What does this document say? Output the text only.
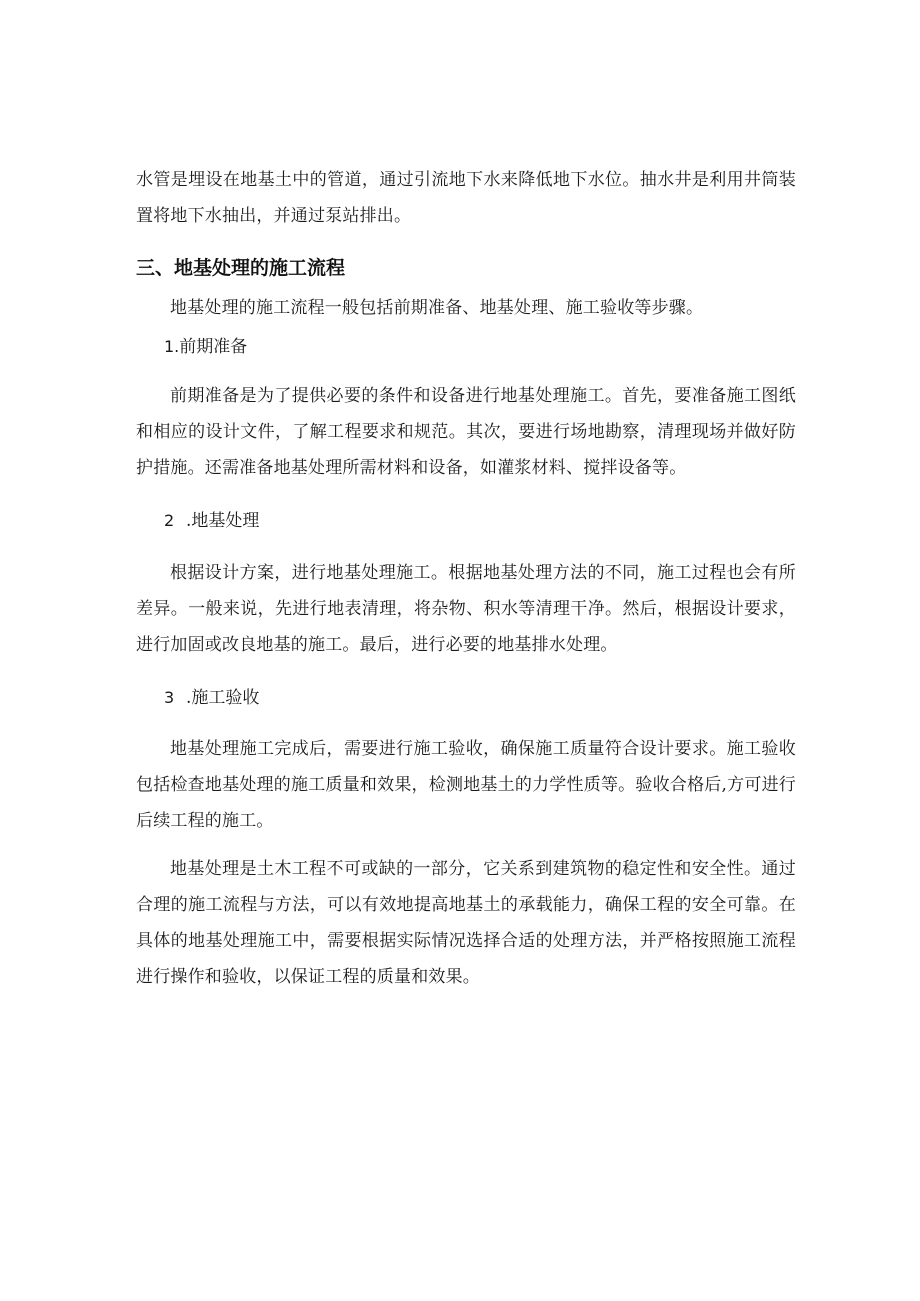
水管是埋设在地基土中的管道，通过引流地下水来降低地下水位。抽水井是利用井筒装置将地下水抽出，并通过泵站排出。

三、地基处理的施工流程

地基处理的施工流程一般包括前期准备、地基处理、施工验收等步骤。

1.前期准备

前期准备是为了提供必要的条件和设备进行地基处理施工。首先，要准备施工图纸和相应的设计文件，了解工程要求和规范。其次，要进行场地勘察，清理现场并做好防护措施。还需准备地基处理所需材料和设备，如灌浆材料、搅拌设备等。

2 .地基处理

根据设计方案，进行地基处理施工。根据地基处理方法的不同，施工过程也会有所差异。一般来说，先进行地表清理，将杂物、积水等清理干净。然后，根据设计要求，进行加固或改良地基的施工。最后，进行必要的地基排水处理。

3 .施工验收

地基处理施工完成后，需要进行施工验收，确保施工质量符合设计要求。施工验收包括检查地基处理的施工质量和效果，检测地基土的力学性质等。验收合格后,方可进行后续工程的施工。

地基处理是土木工程不可或缺的一部分，它关系到建筑物的稳定性和安全性。通过合理的施工流程与方法，可以有效地提高地基土的承载能力，确保工程的安全可靠。在具体的地基处理施工中，需要根据实际情况选择合适的处理方法，并严格按照施工流程进行操作和验收，以保证工程的质量和效果。
